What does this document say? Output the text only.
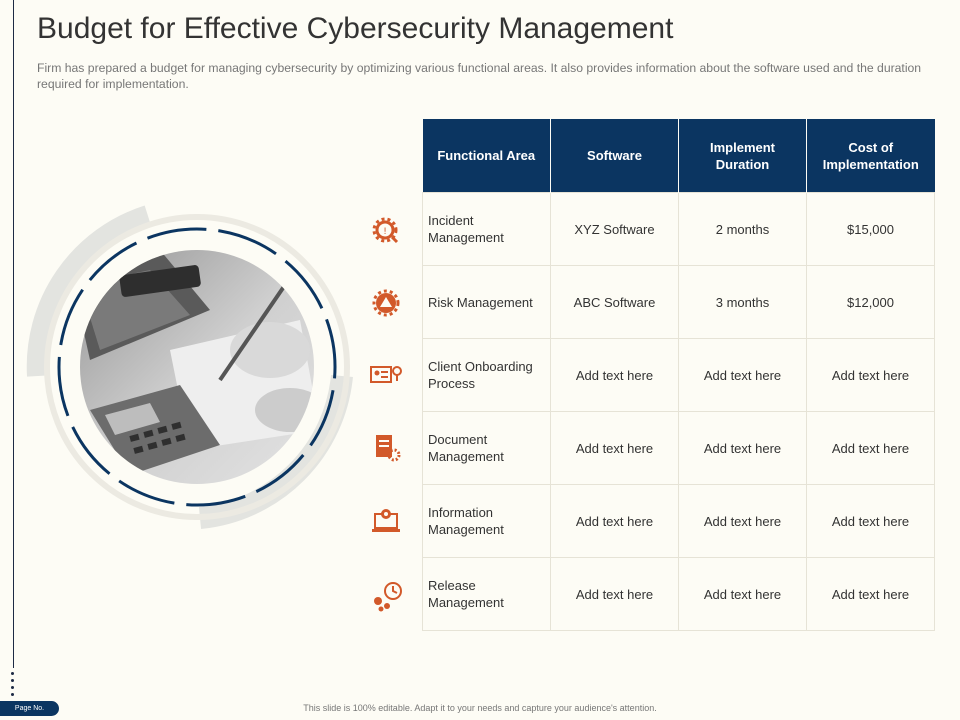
Budget for Effective Cybersecurity Management

Firm has prepared a budget for managing cybersecurity by optimizing various functional areas. It also provides information about the software used and the duration required for implementation.

!
Functional Area	Software	Implement Duration	Cost of Implementation
Incident Management	XYZ Software	2 months	$15,000
Risk Management	ABC Software	3 months	$12,000
Client Onboarding Process	Add text here	Add text here	Add text here
Document Management	Add text here	Add text here	Add text here
Information Management	Add text here	Add text here	Add text here
Release Management	Add text here	Add text here	Add text here
Page No.	This slide is 100% editable. Adapt it to your needs and capture your audience's attention.
